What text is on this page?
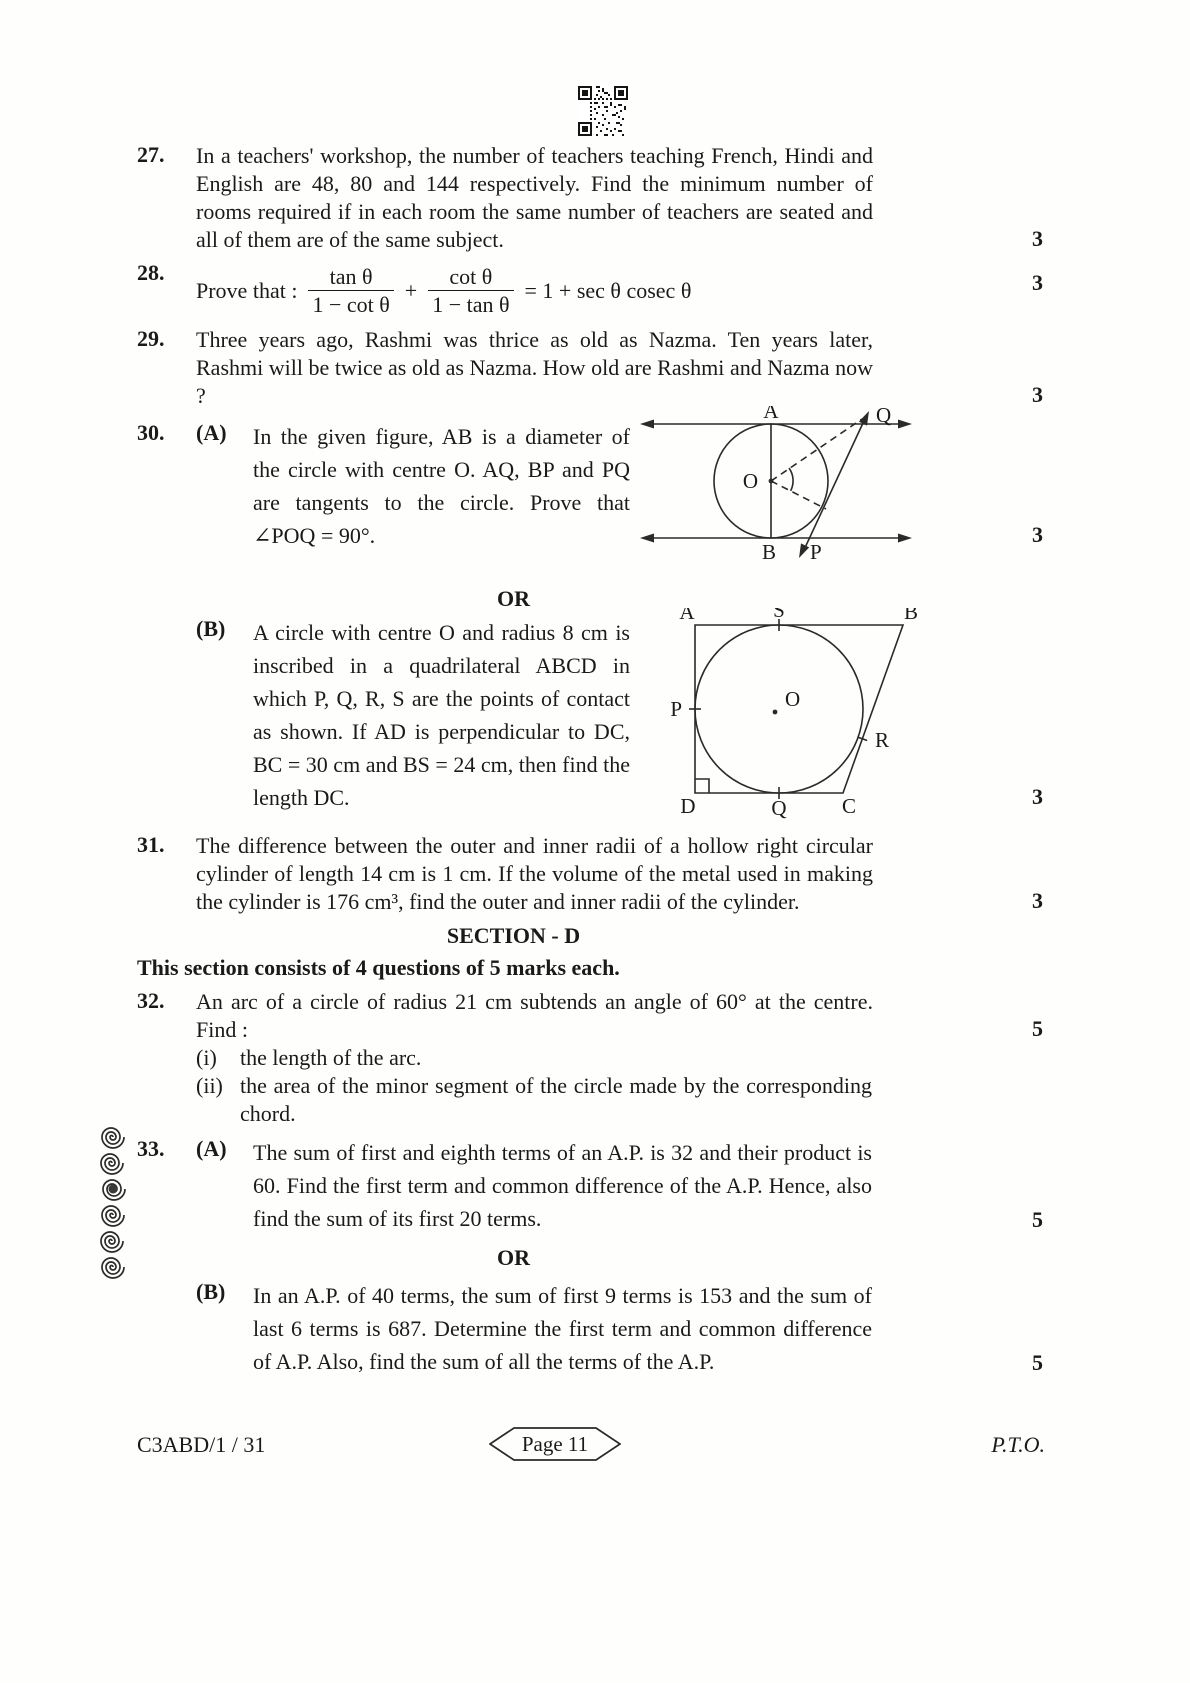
27.	In a teachers' workshop, the number of teachers teaching French, Hindi and English are 48, 80 and 144 respectively. Find the minimum number of rooms required if in each room the same number of teachers are seated and all of them are of the same subject.	3
28.
Prove that : $\frac{\text{tan θ}}{\text{1 − cot θ}} + \frac{\text{cot θ}}{\text{1 − tan θ}} = 1 + \sec \theta$ cosec θ	3
29.	Three years ago, Rashmi was thrice as old as Nazma. Ten years later, Rashmi will be twice as old as Nazma. How old are Rashmi and Nazma now ?	3
30.	(A)	In the given figure, AB is a diameter of the circle with centre O. AQ, BP and PQ are tangents to the circle. Prove that ∠POQ = 90°.
A	Q
O
B P
3
OR
(B)	A circle with centre O and radius 8 cm is inscribed in a quadrilateral ABCD in which P, Q, R, S are the points of contact as shown. If AD is perpendicular to DC, BC = 30 cm and BS = 24 cm, then find the length DC.
A	S	B
P	O
R
D	Q	C	3
31.	The difference between the outer and inner radii of a hollow right circular cylinder of length 14 cm is 1 cm. If the volume of the metal used in making the cylinder is 176 cm³, find the outer and inner radii of the cylinder.	3
SECTION - D
This section consists of 4 questions of 5 marks each.
32.	An arc of a circle of radius 21 cm subtends an angle of 60° at the centre. Find :	5
(i)	the length of the arc.
(ii) the area of the minor segment of the circle made by the corresponding chord.
33.	(A)	The sum of first and eighth terms of an A.P. is 32 and their product is 60. Find the first term and common difference of the A.P. Hence, also find the sum of its first 20 terms.	5
OR
(B)	In an A.P. of 40 terms, the sum of first 9 terms is 153 and the sum of last 6 terms is 687. Determine the first term and common difference of A.P. Also, find the sum of all the terms of the A.P.	5
C3ABD/1 / 31	Page 11	P.T.O.
